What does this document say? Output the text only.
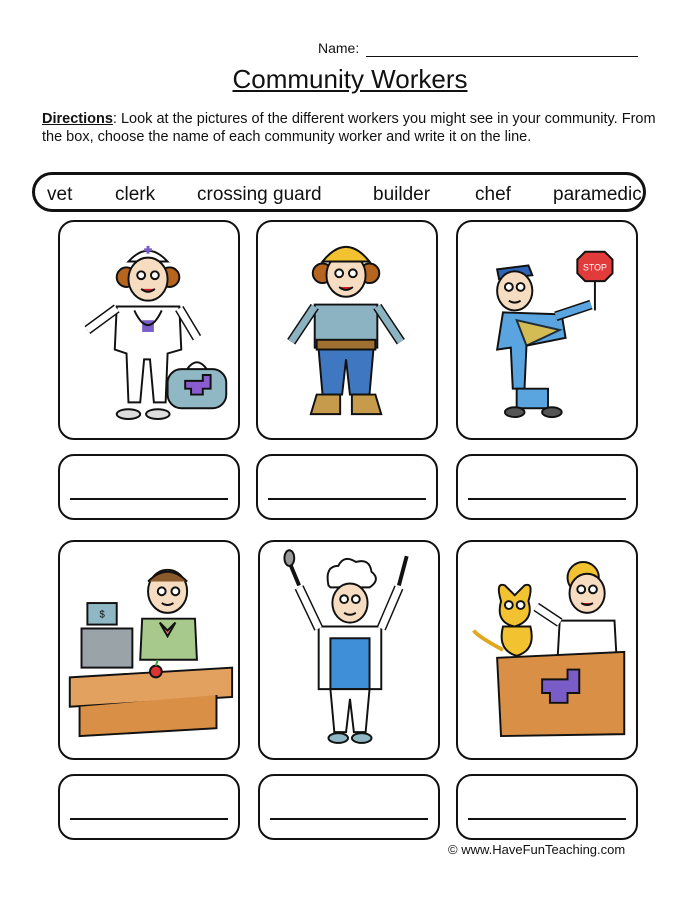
Name:
Community Workers
Directions: Look at the pictures of the different workers you might see in your community. From the box, choose the name of each community worker and write it on the line.
vet clerk crossing guard	builder chef paramedic
STOP
$
© www.HaveFunTeaching.com
